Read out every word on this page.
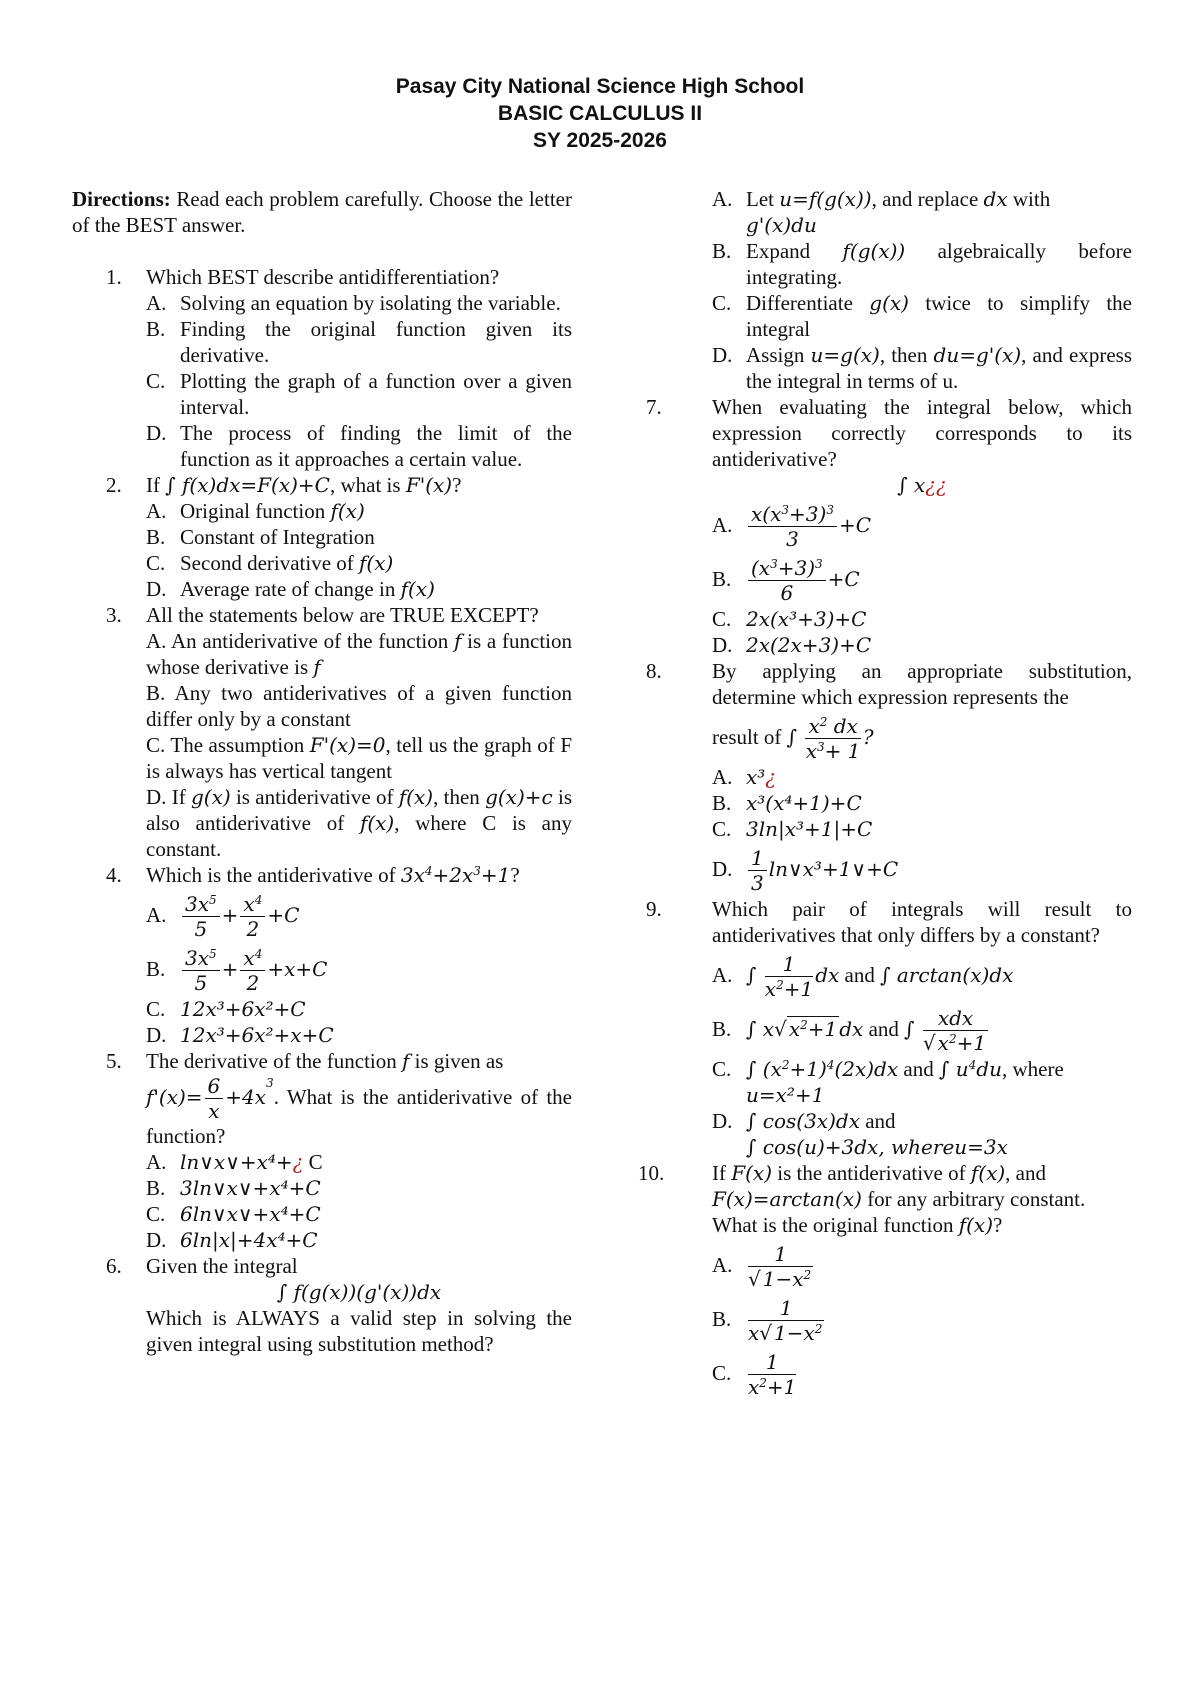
Pasay City National Science High School
BASIC CALCULUS II
SY 2025-2026
Directions: Read each problem carefully. Choose the letter of the BEST answer.
1. Which BEST describe antidifferentiation?
A. Solving an equation by isolating the variable.
B. Finding the original function given its derivative.
C. Plotting the graph of a function over a given interval.
D. The process of finding the limit of the function as it approaches a certain value.
2. If ∫ f(x)dx=F(x)+C, what is F'(x)?
A. Original function f(x)
B. Constant of Integration
C. Second derivative of f(x)
D. Average rate of change in f(x)
3. All the statements below are TRUE EXCEPT?
A. An antiderivative of the function f is a function whose derivative is f
B. Any two antiderivatives of a given function differ only by a constant
C. The assumption F'(x)=0, tell us the graph of F is always has vertical tangent
D. If g(x) is antiderivative of f(x), then g(x)+c is also antiderivative of f(x), where C is any constant.
4. Which is the antiderivative of $3x^4+2x^3+1$?
A. $\frac{3x^5}{5} + \frac{x^4}{2} +C$
B. $\frac{3x^5}{5} + \frac{x^4}{2} +x+C$
C. 12x³+6x²+C
D. 12x³+6x²+x+C
5. The derivative of the function f is given as
$f'(x)= \frac{6}{x} +4x^3$. What is the antiderivative of the function?
A. ln∨x∨+x⁴+¿ C
B. 3ln∨x∨+x⁴+C
C. 6ln∨x∨+x⁴+C
D. 6ln|x|+4x⁴+C
6. Given the integral
∫ f(g(x))(g'(x))dx
Which is ALWAYS a valid step in solving the given integral using substitution method?
A. Let u=f(g(x)), and replace dx with
g'(x)du
B. Expand f(g(x)) algebraically before integrating.
C. Differentiate g(x) twice to simplify the integral
D. Assign u=g(x), then du=g'(x), and express the integral in terms of u.
7. When evaluating the integral below, which expression correctly corresponds to its antiderivative?
∫ x¿¿
A. $\frac{x(x^3+3)^3}{3} +C$
B. $\frac{(x^3+3)^3}{6} +C$
C. 2x(x³+3)+C
D. 2x(2x+3)+C
8. By applying an appropriate substitution, determine which expression represents the
result of ∫ $\frac{x^2 dx}{x^3+ 1}$ ?
A. x³¿
B. x³(x⁴+1)+C
C. 3ln|x³+1|+C
D. $\frac{1}{3}$ ln∨x³+1∨+C
9. Which pair of integrals will result to antiderivatives that only differs by a constant?
A. ∫ $\frac{1}{x^2+1}$ dx and ∫ arctan(x)dx
B. ∫ x√ $x^2+1$ dx and ∫ $\frac{\text{xdx}}{√ x^2+1}$
C. ∫ $(x^2+1)^4(2x)dx$ and ∫ $u^4du$, where
u=x²+1
D. ∫ cos(3x)dx and
∫ cos(u)+3dx, whereu=3x
10. If F(x) is the antiderivative of f(x), and
F(x)=arctan(x) for any arbitrary constant.
What is the original function f(x)?
A. $\frac{1}{√ 1-x^2}$
B. $\frac{1}{x√ 1-x^2}$
C. $\frac{1}{x^2+1}$
